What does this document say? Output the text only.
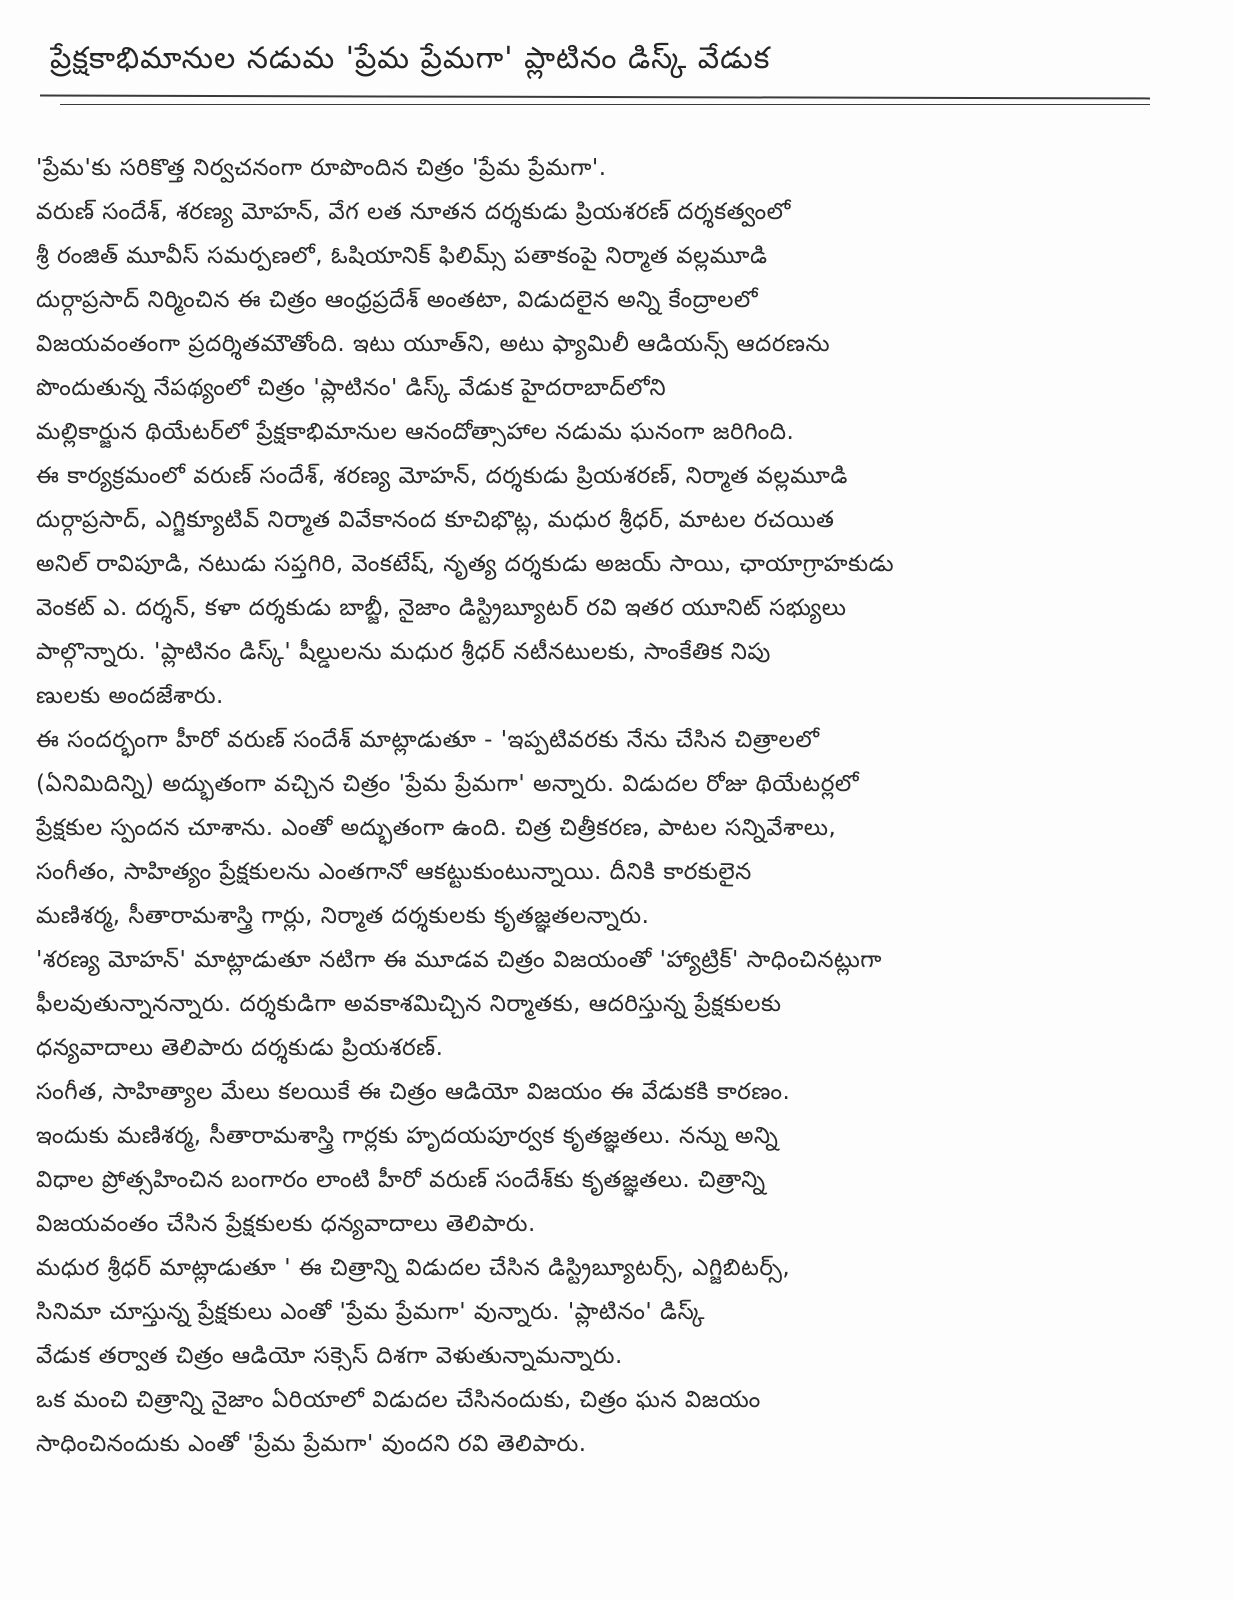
ప్రేక్షకాభిమానుల నడుమ 'ప్రేమ ప్రేమగా' ప్లాటినం డిస్క్ వేడుక
'ప్రేమ'కు సరికొత్త నిర్వచనంగా రూపొందిన చిత్రం 'ప్రేమ ప్రేమగా'.
వరుణ్ సందేశ్, శరణ్య మోహన్, వేగ లత నూతన దర్శకుడు ప్రియశరణ్ దర్శకత్వంలో
శ్రీ రంజిత్ మూవీస్ సమర్పణలో, ఓషియానిక్ ఫిలిమ్స్ పతాకంపై నిర్మాత వల్లమూడి
దుర్గాప్రసాద్ నిర్మించిన ఈ చిత్రం ఆంధ్రప్రదేశ్ అంతటా, విడుదలైన అన్ని కేంద్రాలలో
విజయవంతంగా ప్రదర్శితమౌతోంది. ఇటు యూత్‌ని, అటు ఫ్యామిలీ ఆడియన్స్ ఆదరణను
పొందుతున్న నేపథ్యంలో చిత్రం 'ప్లాటినం' డిస్క్ వేడుక హైదరాబాద్‌లోని
మల్లికార్జున థియేటర్‌లో ప్రేక్షకాభిమానుల ఆనందోత్సాహాల నడుమ ఘనంగా జరిగింది.
ఈ కార్యక్రమంలో వరుణ్ సందేశ్, శరణ్య మోహన్, దర్శకుడు ప్రియశరణ్, నిర్మాత వల్లమూడి
దుర్గాప్రసాద్, ఎగ్జిక్యూటివ్ నిర్మాత వివేకానంద కూచిభొట్ల, మధుర శ్రీధర్, మాటల రచయిత
అనిల్ రావిపూడి, నటుడు సప్తగిరి, వెంకటేష్, నృత్య దర్శకుడు అజయ్ సాయి, ఛాయాగ్రాహకుడు
వెంకట్ ఎ. దర్శన్, కళా దర్శకుడు బాబ్జీ, నైజాం డిస్ట్రిబ్యూటర్ రవి ఇతర యూనిట్ సభ్యులు
పాల్గొన్నారు. 'ప్లాటినం డిస్క్' షీల్డులను మధుర శ్రీధర్ నటీనటులకు, సాంకేతిక నిపు
ణులకు అందజేశారు.
ఈ సందర్భంగా హీరో వరుణ్ సందేశ్ మాట్లాడుతూ - 'ఇప్పటివరకు నేను చేసిన చిత్రాలలో
(ఏనిమిదిన్ని) అద్భుతంగా వచ్చిన చిత్రం 'ప్రేమ ప్రేమగా' అన్నారు. విడుదల రోజు థియేటర్లలో
ప్రేక్షకుల స్పందన చూశాను. ఎంతో అద్భుతంగా ఉంది. చిత్ర చిత్రీకరణ, పాటల సన్నివేశాలు,
సంగీతం, సాహిత్యం ప్రేక్షకులను ఎంతగానో ఆకట్టుకుంటున్నాయి. దీనికి కారకులైన
మణిశర్మ, సీతారామశాస్త్రి గార్లు, నిర్మాత దర్శకులకు కృతజ్ఞతలన్నారు.
'శరణ్య మోహన్' మాట్లాడుతూ నటిగా ఈ మూడవ చిత్రం విజయంతో 'హ్యాట్రిక్' సాధించినట్లుగా
ఫీలవుతున్నానన్నారు. దర్శకుడిగా అవకాశమిచ్చిన నిర్మాతకు, ఆదరిస్తున్న ప్రేక్షకులకు
ధన్యవాదాలు తెలిపారు దర్శకుడు ప్రియశరణ్.
సంగీత, సాహిత్యాల మేలు కలయికే ఈ చిత్రం ఆడియో విజయం ఈ వేడుకకి కారణం.
ఇందుకు మణిశర్మ, సీతారామశాస్త్రి గార్లకు హృదయపూర్వక కృతజ్ఞతలు. నన్ను అన్ని
విధాల ప్రోత్సహించిన బంగారం లాంటి హీరో వరుణ్ సందేశ్‌కు కృతజ్ఞతలు. చిత్రాన్ని
విజయవంతం చేసిన ప్రేక్షకులకు ధన్యవాదాలు తెలిపారు.
మధుర శ్రీధర్ మాట్లాడుతూ ' ఈ చిత్రాన్ని విడుదల చేసిన డిస్ట్రిబ్యూటర్స్, ఎగ్జిబిటర్స్,
సినిమా చూస్తున్న ప్రేక్షకులు ఎంతో 'ప్రేమ ప్రేమగా' వున్నారు. 'ప్లాటినం' డిస్క్
వేడుక తర్వాత చిత్రం ఆడియో సక్సెస్ దిశగా వెళుతున్నామన్నారు.
ఒక మంచి చిత్రాన్ని నైజాం ఏరియాలో విడుదల చేసినందుకు, చిత్రం ఘన విజయం
సాధించినందుకు ఎంతో 'ప్రేమ ప్రేమగా' వుందని రవి తెలిపారు.
